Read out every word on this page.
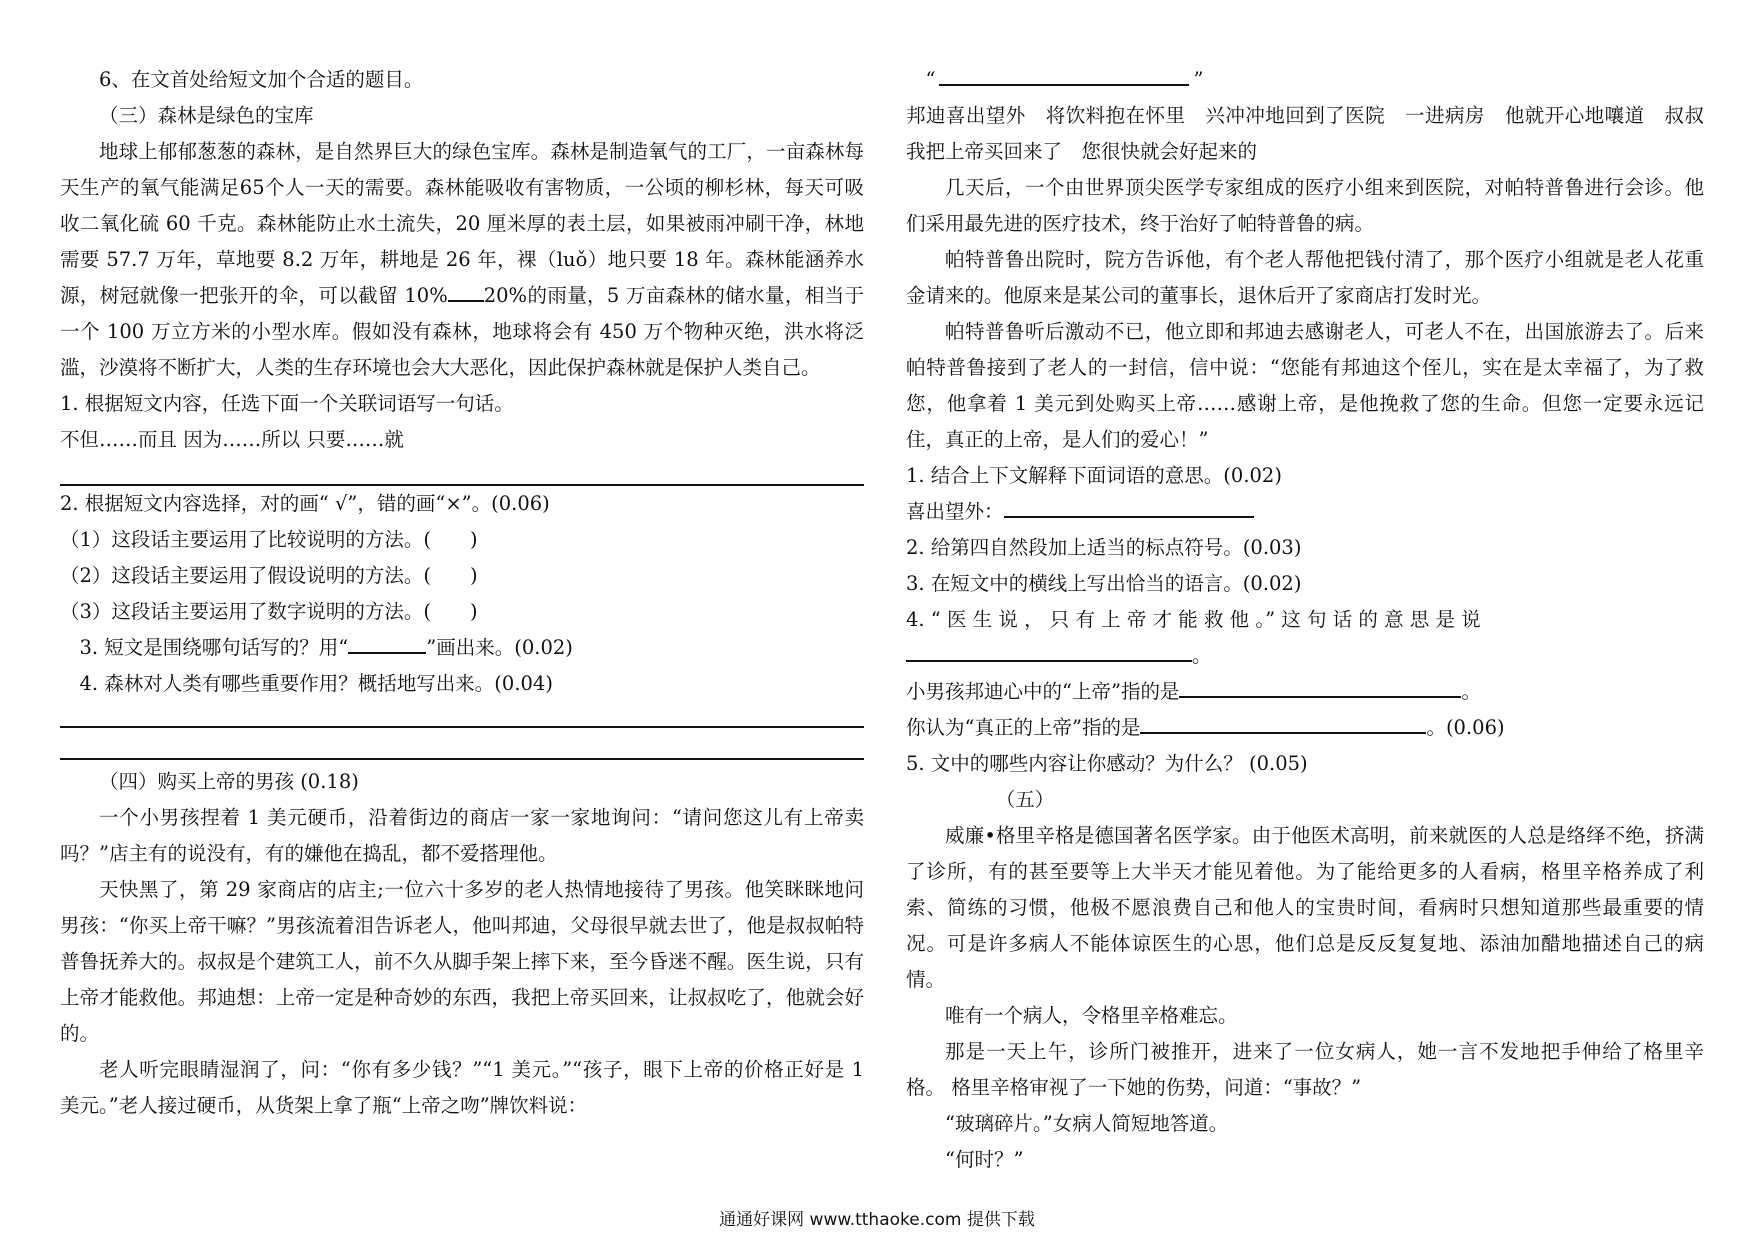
6、在文首处给短文加个合适的题目。

（三）森林是绿色的宝库

地球上郁郁葱葱的森林，是自然界巨大的绿色宝库。森林是制造氧气的工厂，一亩森林每天生产的氧气能满足65个人一天的需要。森林能吸收有害物质，一公顷的柳杉林，每天可吸收二氧化硫 60 千克。森林能防止水土流失，20 厘米厚的表土层，如果被雨冲刷干净，林地需要 57.7 万年，草地要 8.2 万年，耕地是 26 年，裸（luǒ）地只要 18 年。森林能涵养水源，树冠就像一把张开的伞，可以截留 10% 20%的雨量，5 万亩森林的储水量，相当于一个 100 万立方米的小型水库。假如没有森林，地球将会有 450 万个物种灭绝，洪水将泛滥，沙漠将不断扩大，人类的生存环境也会大大恶化，因此保护森林就是保护人类自己。

1. 根据短文内容，任选下面一个关联词语写一句话。

不但……而且 因为……所以 只要……就

2. 根据短文内容选择，对的画“ √”，错的画“×”。(0.06)

（1）这段话主要运用了比较说明的方法。(　　)

（2）这段话主要运用了假设说明的方法。(　　)

（3）这段话主要运用了数字说明的方法。(　　)

3. 短文是围绕哪句话写的？用“	”画出来。(0.02)

4. 森林对人类有哪些重要作用？概括地写出来。(0.04)

（四）购买上帝的男孩 (0.18)

一个小男孩捏着 1 美元硬币，沿着街边的商店一家一家地询问：“请问您这儿有上帝卖吗？”店主有的说没有，有的嫌他在捣乱，都不爱搭理他。

天快黑了，第 29 家商店的店主;一位六十多岁的老人热情地接待了男孩。他笑眯眯地问男孩：“你买上帝干嘛？”男孩流着泪告诉老人，他叫邦迪，父母很早就去世了，他是叔叔帕特普鲁抚养大的。叔叔是个建筑工人，前不久从脚手架上摔下来，至今昏迷不醒。医生说，只有上帝才能救他。邦迪想：上帝一定是种奇妙的东西，我把上帝买回来，让叔叔吃了，他就会好的。

老人听完眼睛湿润了，问：“你有多少钱？”“1 美元。”“孩子，眼下上帝的价格正好是 1 美元。”老人接过硬币，从货架上拿了瓶“上帝之吻”牌饮料说：

“	”

邦迪喜出望外　将饮料抱在怀里　兴冲冲地回到了医院　一进病房　他就开心地嚷道　叔叔　我把上帝买回来了　您很快就会好起来的

几天后，一个由世界顶尖医学专家组成的医疗小组来到医院，对帕特普鲁进行会诊。他们采用最先进的医疗技术，终于治好了帕特普鲁的病。

帕特普鲁出院时，院方告诉他，有个老人帮他把钱付清了，那个医疗小组就是老人花重金请来的。他原来是某公司的董事长，退休后开了家商店打发时光。

帕特普鲁听后激动不已，他立即和邦迪去感谢老人，可老人不在，出国旅游去了。后来帕特普鲁接到了老人的一封信，信中说：“您能有邦迪这个侄儿，实在是太幸福了，为了救您，他拿着 1 美元到处购买上帝……感谢上帝，是他挽救了您的生命。但您一定要永远记住，真正的上帝，是人们的爱心！”

1. 结合上下文解释下面词语的意思。(0.02)

喜出望外：

2. 给第四自然段加上适当的标点符号。(0.03)

3. 在短文中的横线上写出恰当的语言。(0.02)

4. “ 医 生 说 ， 只 有 上 帝 才 能 救 他 。” 这 句 话 的 意 思 是 说

。

小男孩邦迪心中的“上帝”指的是	。

你认为“真正的上帝”指的是	。(0.06)

5. 文中的哪些内容让你感动？为什么？ (0.05)

（五）

威廉•格里辛格是德国著名医学家。由于他医术高明，前来就医的人总是络绎不绝，挤满了诊所，有的甚至要等上大半天才能见着他。为了能给更多的人看病，格里辛格养成了利索、简练的习惯，他极不愿浪费自己和他人的宝贵时间，看病时只想知道那些最重要的情况。可是许多病人不能体谅医生的心思，他们总是反反复复地、添油加醋地描述自己的病情。

唯有一个病人，令格里辛格难忘。

那是一天上午，诊所门被推开，进来了一位女病人，她一言不发地把手伸给了格里辛格。 格里辛格审视了一下她的伤势，问道：“事故？”

“玻璃碎片。”女病人简短地答道。

“何时？”

通通好课网 www.tthaoke.com 提供下载
